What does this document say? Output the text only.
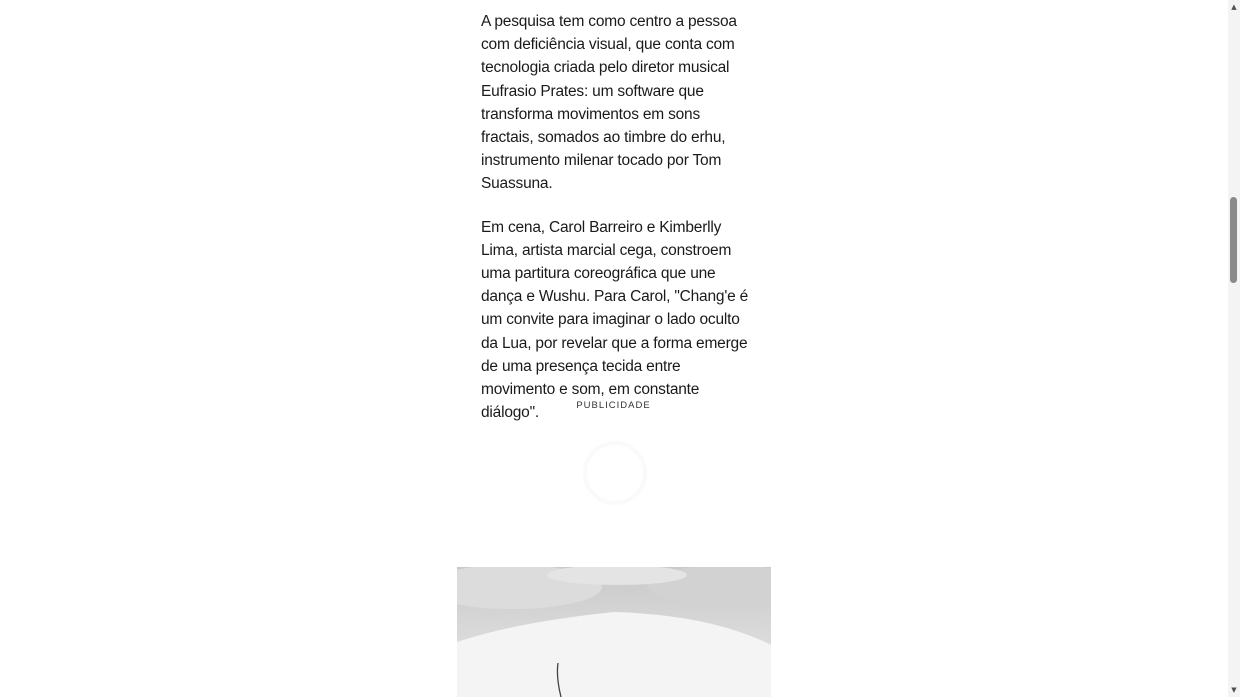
A pesquisa tem como centro a pessoa com deficiência visual, que conta com tecnologia criada pelo diretor musical Eufrasio Prates: um software que transforma movimentos em sons fractais, somados ao timbre do erhu, instrumento milenar tocado por Tom Suassuna.

Em cena, Carol Barreiro e Kimberlly Lima, artista marcial cega, constroem uma partitura coreográfica que une dança e Wushu. Para Carol, "Chang'e é um convite para imaginar o lado oculto da Lua, por revelar que a forma emerge de uma presença tecida entre movimento e som, em constante diálogo".	PUBLICIDADE
▲
▼
